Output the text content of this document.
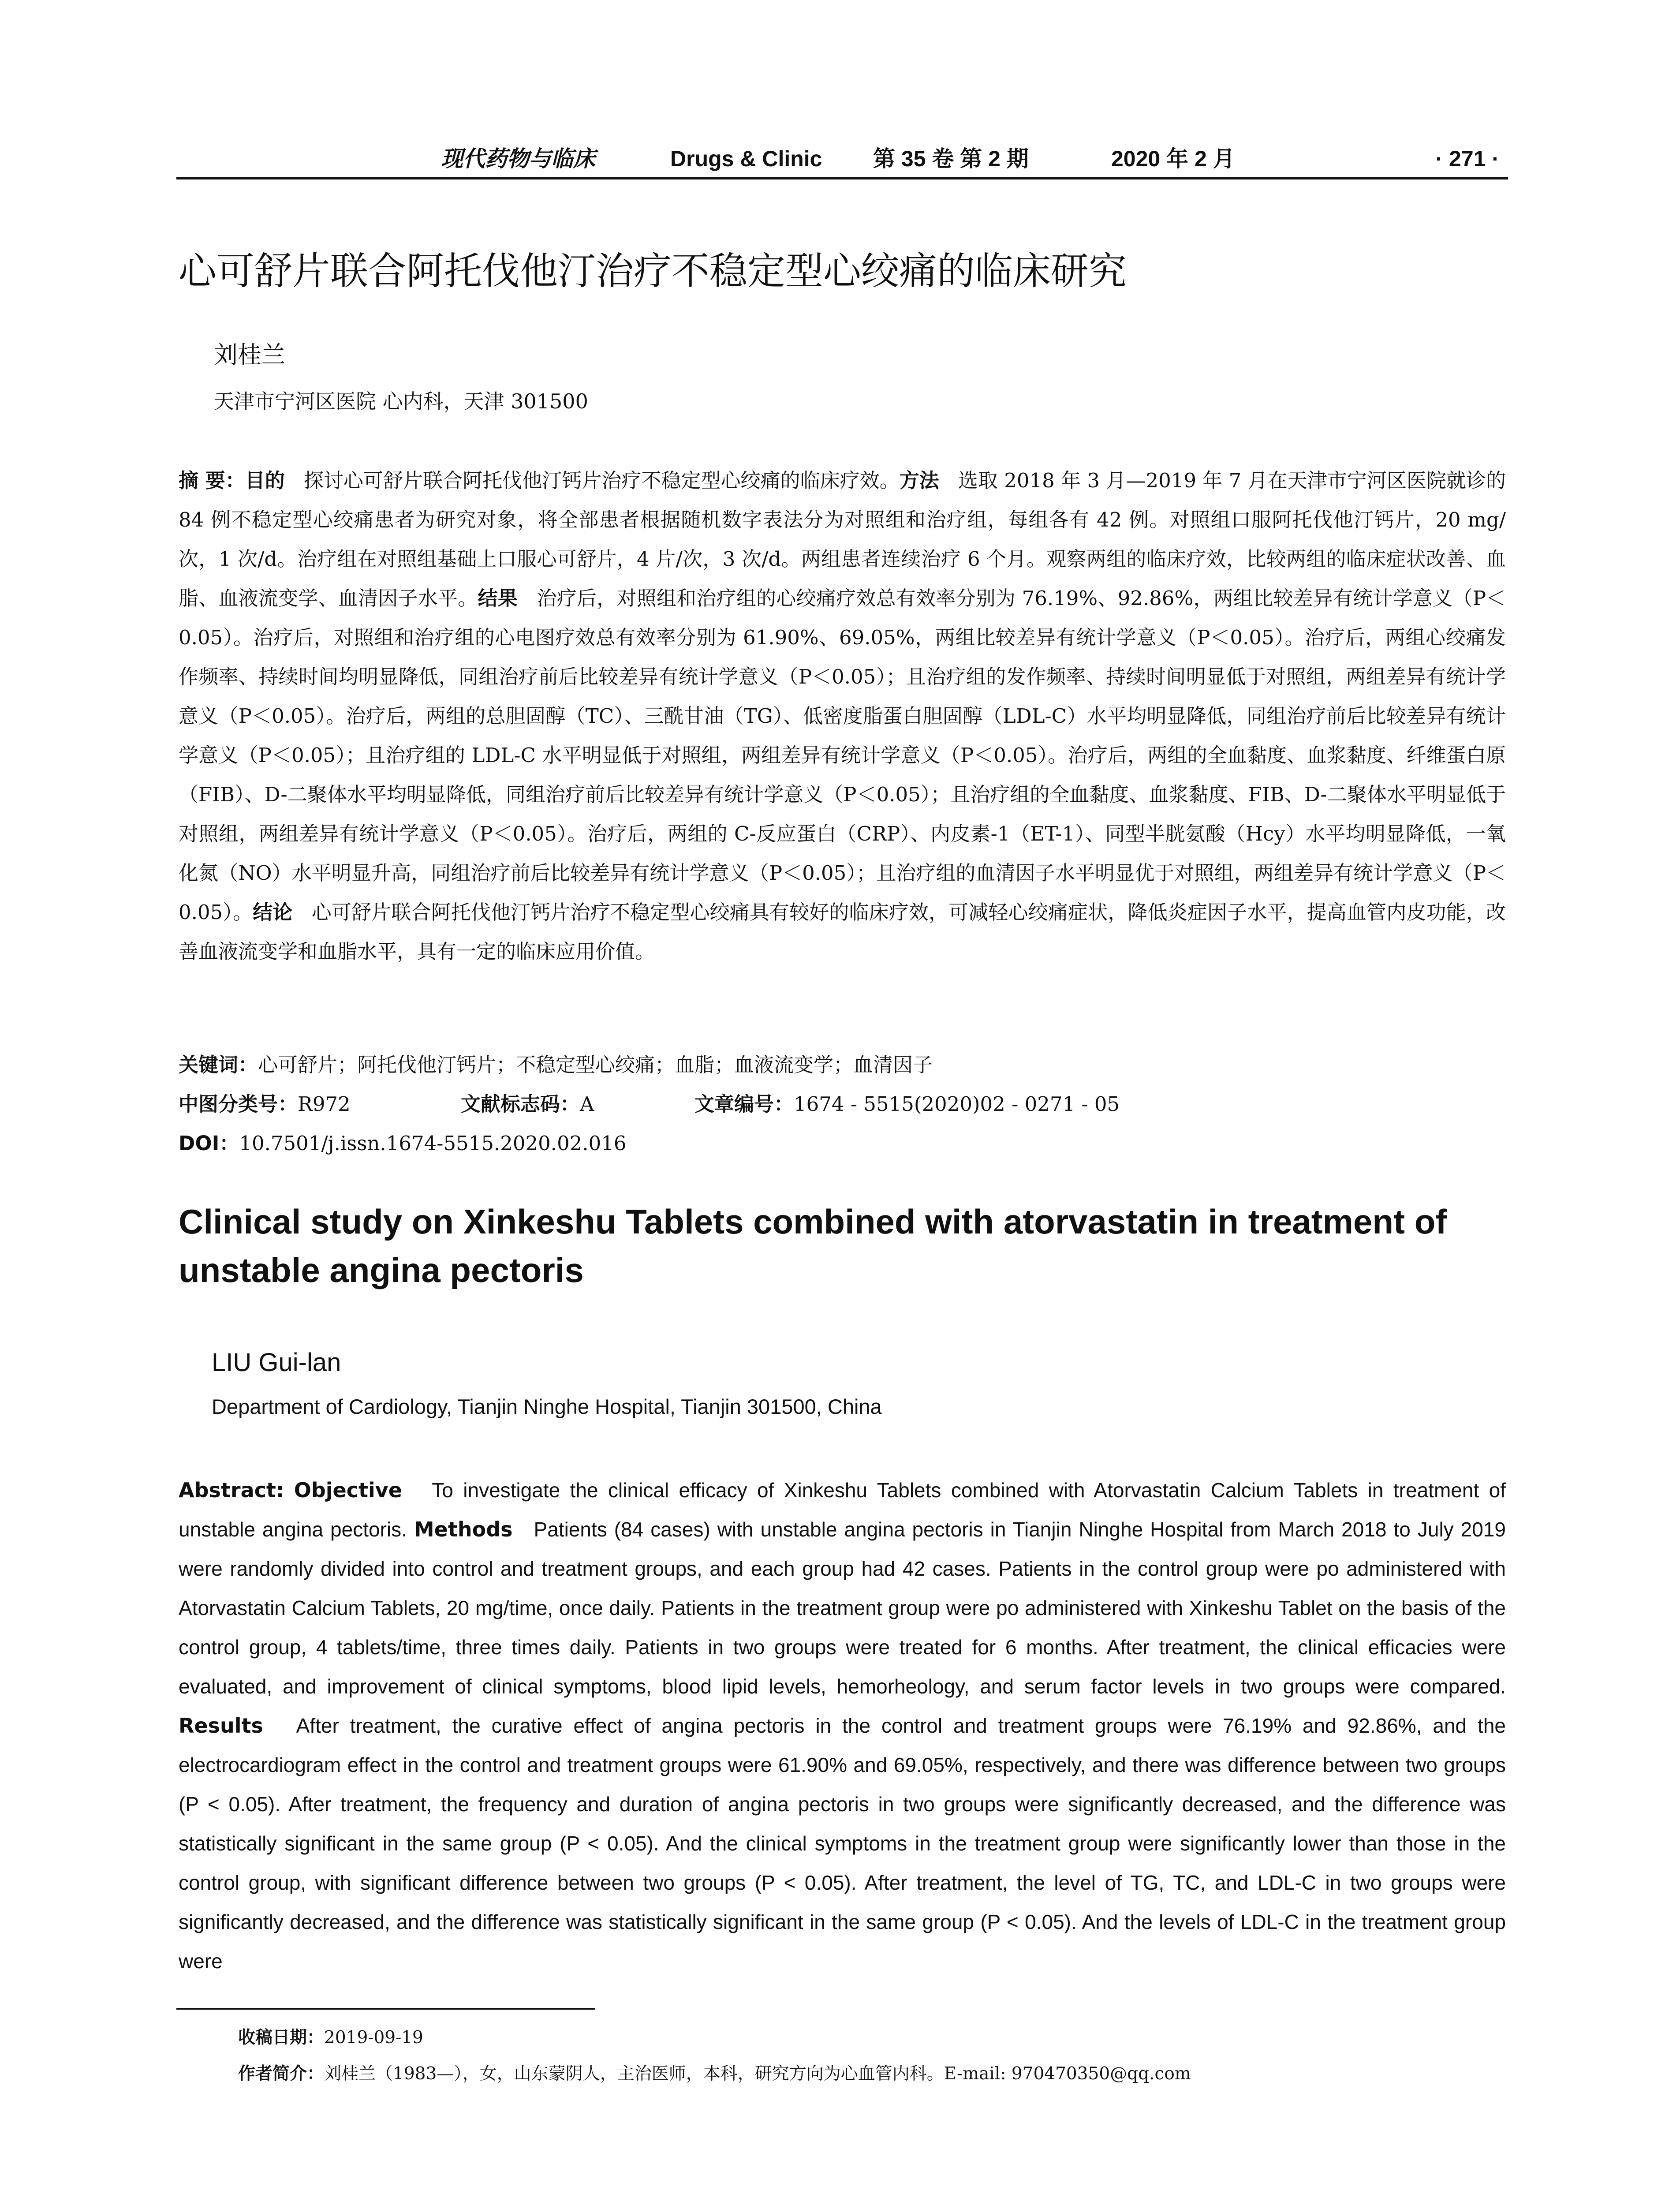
现代药物与临床	Drugs & Clinic 第 35 卷 第 2 期	2020 年 2 月	· 271 ·
心可舒片联合阿托伐他汀治疗不稳定型心绞痛的临床研究
刘桂兰
天津市宁河区医院 心内科，天津 301500
摘 要：目的 探讨心可舒片联合阿托伐他汀钙片治疗不稳定型心绞痛的临床疗效。方法 选取 2018 年 3 月—2019 年 7 月在天津市宁河区医院就诊的 84 例不稳定型心绞痛患者为研究对象，将全部患者根据随机数字表法分为对照组和治疗组，每组各有 42 例。对照组口服阿托伐他汀钙片，20 mg/次，1 次/d。治疗组在对照组基础上口服心可舒片，4 片/次，3 次/d。两组患者连续治疗 6 个月。观察两组的临床疗效，比较两组的临床症状改善、血脂、血液流变学、血清因子水平。结果 治疗后，对照组和治疗组的心绞痛疗效总有效率分别为 76.19%、92.86%，两组比较差异有统计学意义（P＜0.05）。治疗后，对照组和治疗组的心电图疗效总有效率分别为 61.90%、69.05%，两组比较差异有统计学意义（P＜0.05）。治疗后，两组心绞痛发作频率、持续时间均明显降低，同组治疗前后比较差异有统计学意义（P＜0.05）；且治疗组的发作频率、持续时间明显低于对照组，两组差异有统计学意义（P＜0.05）。治疗后，两组的总胆固醇（TC）、三酰甘油（TG）、低密度脂蛋白胆固醇（LDL-C）水平均明显降低，同组治疗前后比较差异有统计学意义（P＜0.05）；且治疗组的 LDL-C 水平明显低于对照组，两组差异有统计学意义（P＜0.05）。治疗后，两组的全血黏度、血浆黏度、纤维蛋白原（FIB）、D-二聚体水平均明显降低，同组治疗前后比较差异有统计学意义（P＜0.05）；且治疗组的全血黏度、血浆黏度、FIB、D-二聚体水平明显低于对照组，两组差异有统计学意义（P＜0.05）。治疗后，两组的 C-反应蛋白（CRP）、内皮素-1（ET-1）、同型半胱氨酸（Hcy）水平均明显降低，一氧化氮（NO）水平明显升高，同组治疗前后比较差异有统计学意义（P＜0.05）；且治疗组的血清因子水平明显优于对照组，两组差异有统计学意义（P＜0.05）。结论 心可舒片联合阿托伐他汀钙片治疗不稳定型心绞痛具有较好的临床疗效，可减轻心绞痛症状，降低炎症因子水平，提高血管内皮功能，改善血液流变学和血脂水平，具有一定的临床应用价值。
关键词：心可舒片；阿托伐他汀钙片；不稳定型心绞痛；血脂；血液流变学；血清因子
中图分类号：R972	文献标志码：A	文章编号：1674 - 5515(2020)02 - 0271 - 05
DOI：10.7501/j.issn.1674-5515.2020.02.016
Clinical study on Xinkeshu Tablets combined with atorvastatin in treatment of unstable angina pectoris
LIU Gui-lan
Department of Cardiology, Tianjin Ninghe Hospital, Tianjin 301500, China
Abstract: Objective To investigate the clinical efficacy of Xinkeshu Tablets combined with Atorvastatin Calcium Tablets in treatment of unstable angina pectoris. Methods Patients (84 cases) with unstable angina pectoris in Tianjin Ninghe Hospital from March 2018 to July 2019 were randomly divided into control and treatment groups, and each group had 42 cases. Patients in the control group were po administered with Atorvastatin Calcium Tablets, 20 mg/time, once daily. Patients in the treatment group were po administered with Xinkeshu Tablet on the basis of the control group, 4 tablets/time, three times daily. Patients in two groups were treated for 6 months. After treatment, the clinical efficacies were evaluated, and improvement of clinical symptoms, blood lipid levels, hemorheology, and serum factor levels in two groups were compared. Results After treatment, the curative effect of angina pectoris in the control and treatment groups were 76.19% and 92.86%, and the electrocardiogram effect in the control and treatment groups were 61.90% and 69.05%, respectively, and there was difference between two groups (P < 0.05). After treatment, the frequency and duration of angina pectoris in two groups were significantly decreased, and the difference was statistically significant in the same group (P < 0.05). And the clinical symptoms in the treatment group were significantly lower than those in the control group, with significant difference between two groups (P < 0.05). After treatment, the level of TG, TC, and LDL-C in two groups were significantly decreased, and the difference was statistically significant in the same group (P < 0.05). And the levels of LDL-C in the treatment group were
收稿日期：2019-09-19
作者简介：刘桂兰（1983—），女，山东蒙阴人，主治医师，本科，研究方向为心血管内科。E-mail: 970470350@qq.com
